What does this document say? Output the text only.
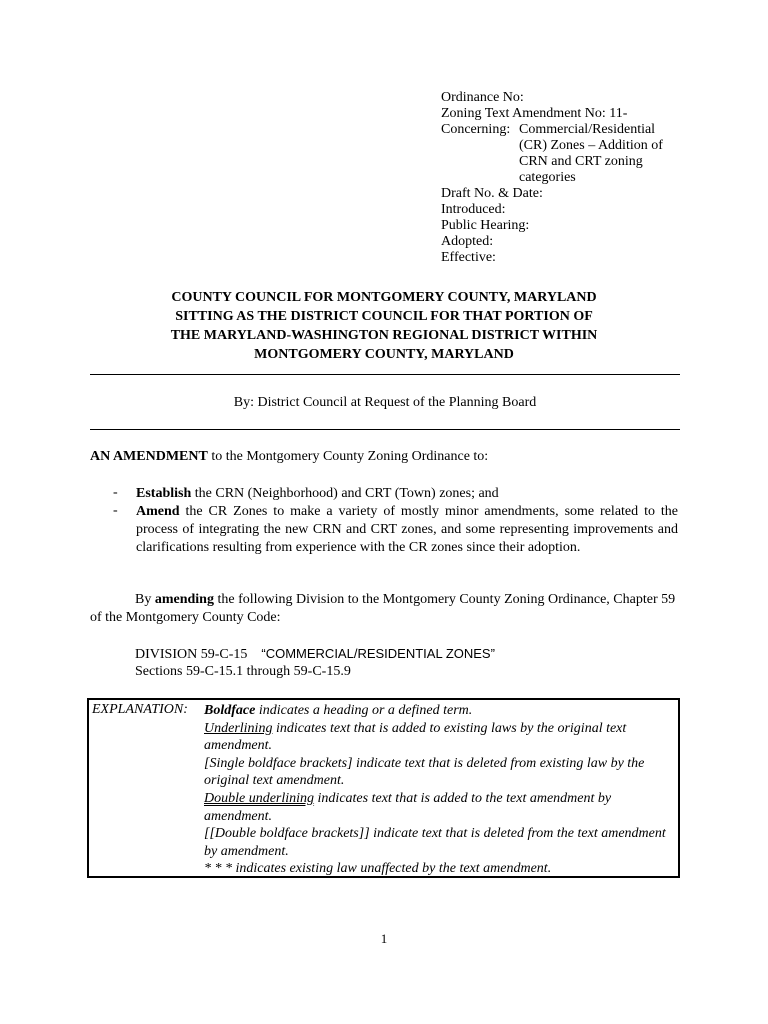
Ordinance No:
Zoning Text Amendment No: 11-
Concerning: Commercial/Residential (CR) Zones – Addition of CRN and CRT zoning categories
Draft No. & Date:
Introduced:
Public Hearing:
Adopted:
Effective:
COUNTY COUNCIL FOR MONTGOMERY COUNTY, MARYLAND
SITTING AS THE DISTRICT COUNCIL FOR THAT PORTION OF
THE MARYLAND-WASHINGTON REGIONAL DISTRICT WITHIN
MONTGOMERY COUNTY, MARYLAND
By: District Council at Request of the Planning Board
AN AMENDMENT to the Montgomery County Zoning Ordinance to:
-	Establish the CRN (Neighborhood) and CRT (Town) zones; and
-	Amend the CR Zones to make a variety of mostly minor amendments, some related to the process of integrating the new CRN and CRT zones, and some representing improvements and clarifications resulting from experience with the CR zones since their adoption.
By amending the following Division to the Montgomery County Zoning Ordinance, Chapter 59 of the Montgomery County Code:
DIVISION 59-C-15 “COMMERCIAL/RESIDENTIAL ZONES”
Sections 59-C-15.1 through 59-C-15.9
EXPLANATION: Boldface indicates a heading or a defined term.
Underlining indicates text that is added to existing laws by the original text amendment.
[Single boldface brackets] indicate text that is deleted from existing law by the original text amendment.
Double underlining indicates text that is added to the text amendment by amendment.
[[Double boldface brackets]] indicate text that is deleted from the text amendment by amendment.
* * * indicates existing law unaffected by the text amendment.
1
